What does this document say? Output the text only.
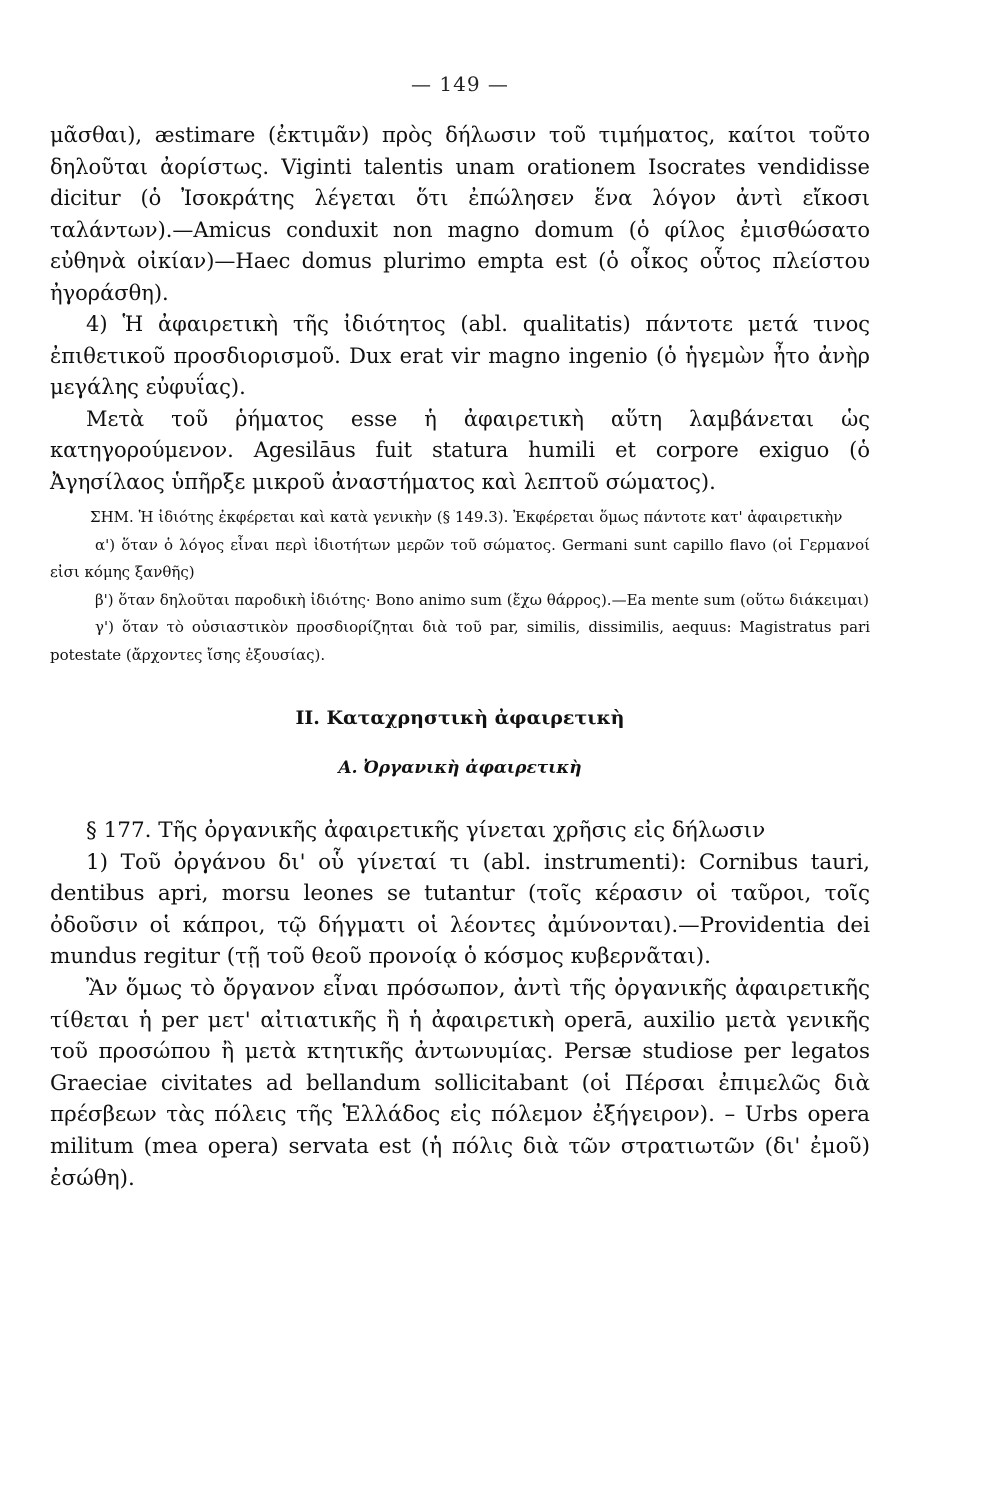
— 149 —

μᾶσθαι), æstimare (ἐκτιμᾶν) πρὸς δήλωσιν τοῦ τιμήματος, καίτοι τοῦτο δηλοῦται ἀορίστως. Viginti talentis unam orationem Isocrates vendidisse dicitur (ὁ Ἰσοκράτης λέγεται ὅτι ἐπώλησεν ἕνα λόγον ἀντὶ εἴκοσι ταλάντων).—Amicus conduxit non magno domum (ὁ φίλος ἐμισθώσατο εὐθηνὰ οἰκίαν)—Haec domus plurimo empta est (ὁ οἶκος οὗτος πλείστου ἠγοράσθη).

4) Ἡ ἀφαιρετικὴ τῆς ἰδιότητος (abl. qualitatis) πάντοτε μετά τινος ἐπιθετικοῦ προσδιορισμοῦ. Dux erat vir magno ingenio (ὁ ἡγεμὼν ἦτο ἀνὴρ μεγάλης εὐφυΐας).

Μετὰ τοῦ ῥήματος esse ἡ ἀφαιρετικὴ αὕτη λαμβάνεται ὡς κατηγορούμενον. Agesilāus fuit statura humili et corpore exiguo (ὁ Ἀγησίλαος ὑπῆρξε μικροῦ ἀναστήματος καὶ λεπτοῦ σώματος).

ΣΗΜ. Ἡ ἰδιότης ἐκφέρεται καὶ κατὰ γενικὴν (§ 149.3). Ἐκφέρεται ὅμως πάντοτε κατ' ἀφαιρετικὴν

α') ὅταν ὁ λόγος εἶναι περὶ ἰδιοτήτων μερῶν τοῦ σώματος. Germani sunt capillo flavo (οἱ Γερμανοί εἰσι κόμης ξανθῆς)

β') ὅταν δηλοῦται παροδικὴ ἰδιότης· Bono animo sum (ἔχω θάρρος).—Ea mente sum (οὕτω διάκειμαι)

γ') ὅταν τὸ οὐσιαστικὸν προσδιορίζηται διὰ τοῦ par, similis, dissimilis, aequus: Magistratus pari potestate (ἄρχοντες ἴσης ἐξουσίας).

II. Καταχρηστικὴ ἀφαιρετικὴ
Α. Ὀργανικὴ ἀφαιρετικὴ

§ 177. Τῆς ὀργανικῆς ἀφαιρετικῆς γίνεται χρῆσις εἰς δήλωσιν

1) Τοῦ ὀργάνου δι' οὗ γίνεταί τι (abl. instrumenti): Cornibus tauri, dentibus apri, morsu leones se tutantur (τοῖς κέρασιν οἱ ταῦροι, τοῖς ὀδοῦσιν οἱ κάπροι, τῷ δήγματι οἱ λέοντες ἀμύνονται).—Providentia dei mundus regitur (τῇ τοῦ θεοῦ προνοίᾳ ὁ κόσμος κυβερνᾶται).

Ἂν ὅμως τὸ ὄργανον εἶναι πρόσωπον, ἀντὶ τῆς ὀργανικῆς ἀφαιρετικῆς τίθεται ἡ per μετ' αἰτιατικῆς ἢ ἡ ἀφαιρετικὴ operā, auxilio μετὰ γενικῆς τοῦ προσώπου ἢ μετὰ κτητικῆς ἀντωνυμίας. Persæ studiose per legatos Graeciae civitates ad bellandum sollicitabant (οἱ Πέρσαι ἐπιμελῶς διὰ πρέσβεων τὰς πόλεις τῆς Ἑλλάδος εἰς πόλεμον ἐξήγειρον). – Urbs opera militum (mea opera) servata est (ἡ πόλις διὰ τῶν στρατιωτῶν (δι' ἐμοῦ) ἐσώθη).
